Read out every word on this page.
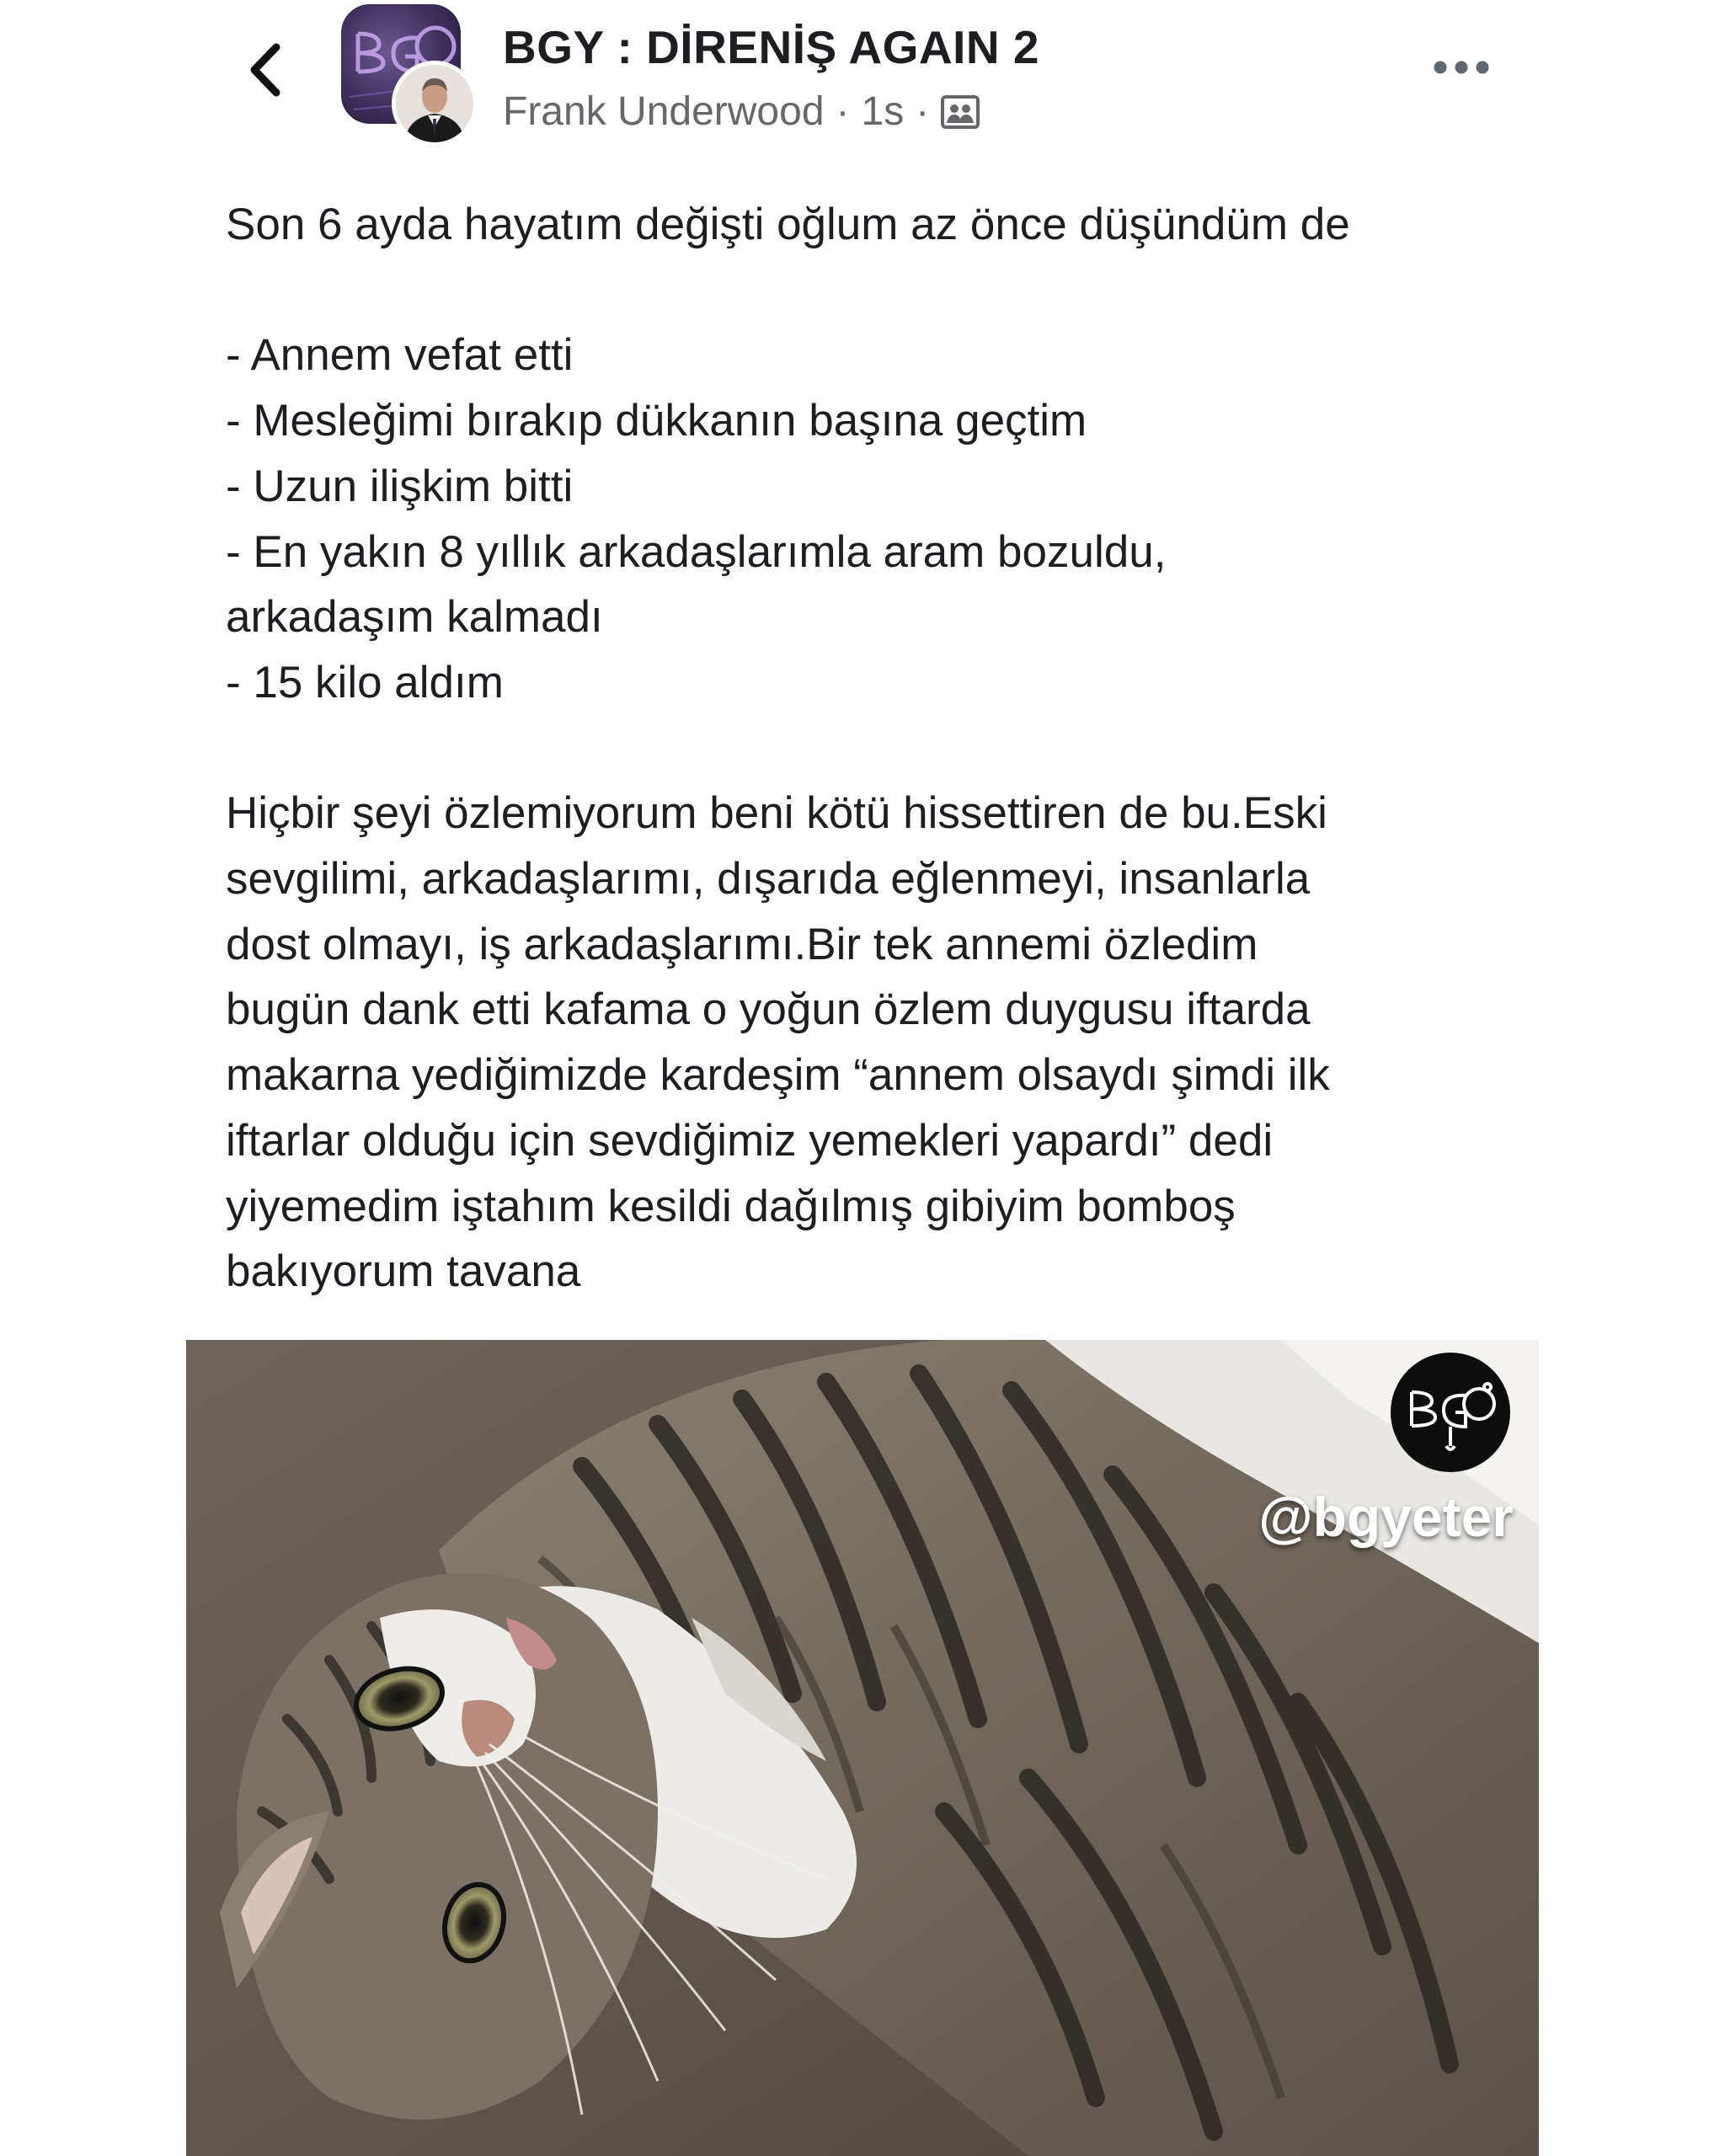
BGY : DİRENİŞ AGAIN 2
Frank Underwood · 1s ·

Son 6 ayda hayatım değişti oğlum az önce düşündüm de

- Annem vefat etti

- Mesleğimi bırakıp dükkanın başına geçtim

- Uzun ilişkim bitti

- En yakın 8 yıllık arkadaşlarımla aram bozuldu,

arkadaşım kalmadı

- 15 kilo aldım

Hiçbir şeyi özlemiyorum beni kötü hissettiren de bu.Eski

sevgilimi, arkadaşlarımı, dışarıda eğlenmeyi, insanlarla

dost olmayı, iş arkadaşlarımı.Bir tek annemi özledim

bugün dank etti kafama o yoğun özlem duygusu iftarda

makarna yediğimizde kardeşim “annem olsaydı şimdi ilk

iftarlar olduğu için sevdiğimiz yemekleri yapardı” dedi

yiyemedim iştahım kesildi dağılmış gibiyim bomboş

bakıyorum tavana

@bgyeter
